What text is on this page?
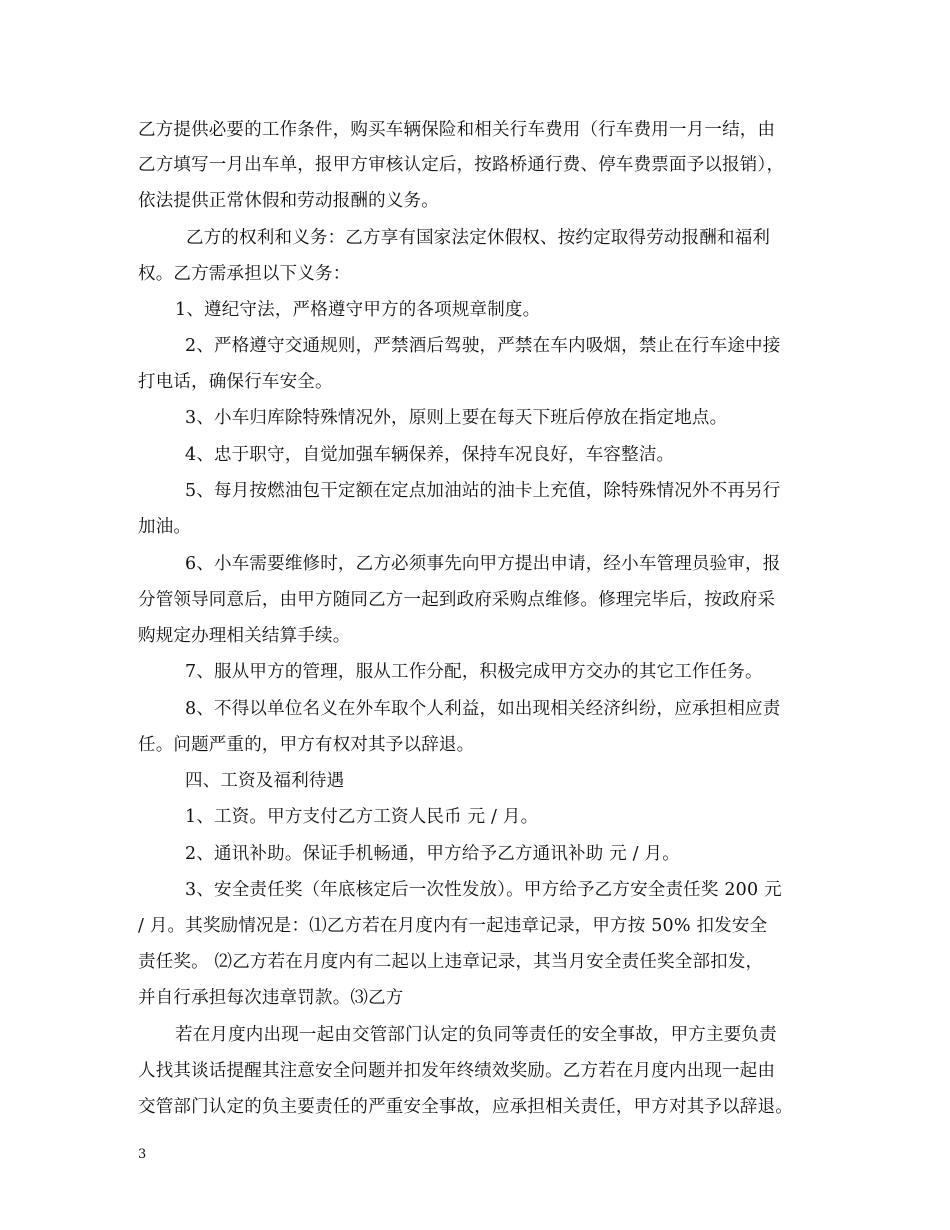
乙方提供必要的工作条件，购买车辆保险和相关行车费用（行车费用一月一结，由
乙方填写一月出车单，报甲方审核认定后，按路桥通行费、停车费票面予以报销），
依法提供正常休假和劳动报酬的义务。
乙方的权利和义务：乙方享有国家法定休假权、按约定取得劳动报酬和福利
权。乙方需承担以下义务：
1、遵纪守法，严格遵守甲方的各项规章制度。
2、严格遵守交通规则，严禁酒后驾驶，严禁在车内吸烟，禁止在行车途中接
打电话，确保行车安全。
3、小车归库除特殊情况外，原则上要在每天下班后停放在指定地点。
4、忠于职守，自觉加强车辆保养，保持车况良好，车容整洁。
5、每月按燃油包干定额在定点加油站的油卡上充值，除特殊情况外不再另行
加油。
6、小车需要维修时，乙方必须事先向甲方提出申请，经小车管理员验审，报
分管领导同意后，由甲方随同乙方一起到政府采购点维修。修理完毕后，按政府采
购规定办理相关结算手续。
7、服从甲方的管理，服从工作分配，积极完成甲方交办的其它工作任务。
8、不得以单位名义在外车取个人利益，如出现相关经济纠纷，应承担相应责
任。问题严重的，甲方有权对其予以辞退。
四、工资及福利待遇
1、工资。甲方支付乙方工资人民币 元 / 月。
2、通讯补助。保证手机畅通，甲方给予乙方通讯补助 元 / 月。
3、安全责任奖（年底核定后一次性发放）。甲方给予乙方安全责任奖 200 元
/ 月。其奖励情况是：⑴乙方若在月度内有一起违章记录，甲方按 50% 扣发安全
责任奖。 ⑵乙方若在月度内有二起以上违章记录，其当月安全责任奖全部扣发，
并自行承担每次违章罚款。⑶乙方
若在月度内出现一起由交管部门认定的负同等责任的安全事故，甲方主要负责
人找其谈话提醒其注意安全问题并扣发年终绩效奖励。乙方若在月度内出现一起由
交管部门认定的负主要责任的严重安全事故，应承担相关责任，甲方对其予以辞退。
3
